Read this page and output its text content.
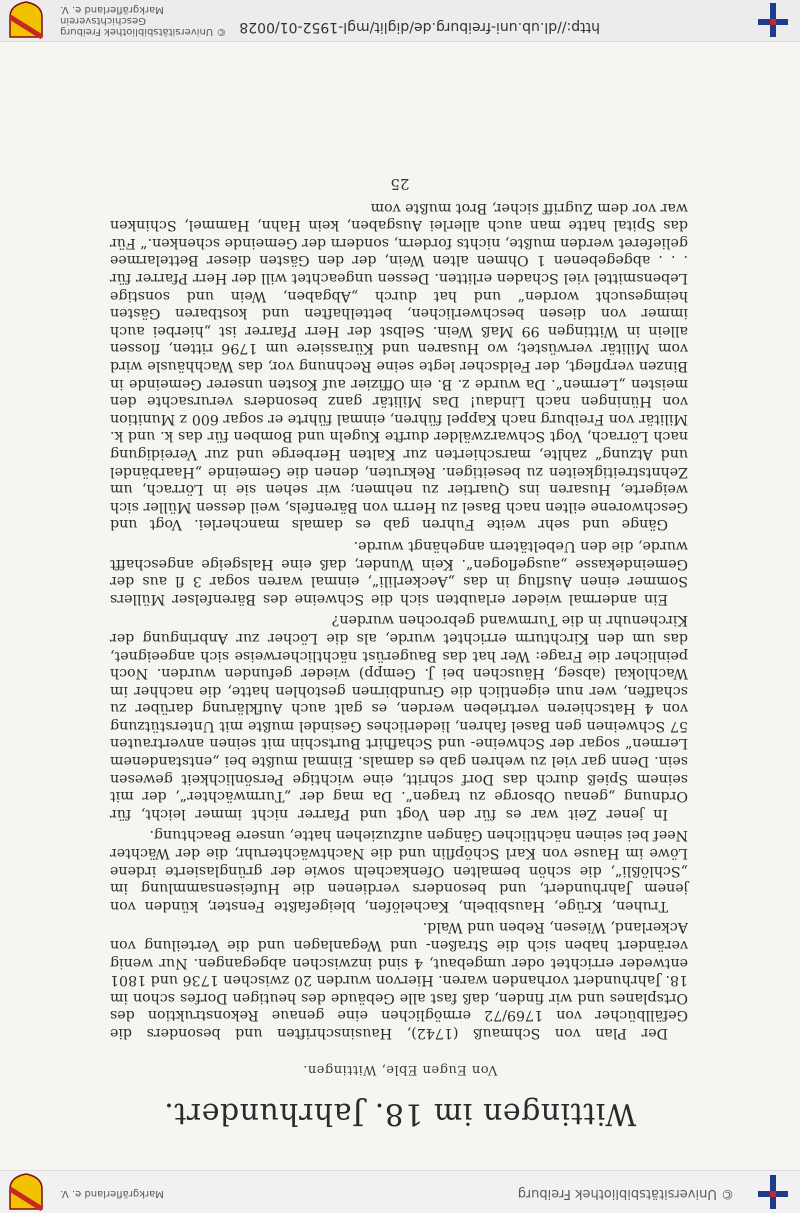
© Universitätsbibliothek Freiburg
Markgräflerland e. V.
Wittingen im 18. Jahrhundert.
Von Eugen Eble, Wittingen.

Der Plan von Schmauß (1742), Hausinschriften und besonders die Gefällbücher von 1769/72 ermöglichen eine genaue Rekonstruktion des Ortsplanes und wir finden, daß fast alle Gebäude des heutigen Dorfes schon im 18. Jahrhundert vorhanden waren. Hiervon wurden 20 zwischen 1736 und 1801 entweder errichtet oder umgebaut, 4 sind inzwischen abgegangen. Nur wenig verändert haben sich die Straßen- und Weganlagen und die Verteilung von Ackerland, Wiesen, Reben und Wald.

Truhen, Krüge, Hausbibeln, Kachelöfen, bleigefaßte Fenster, künden von jenem Jahrhundert, und besonders verdienen die Hufeisensammlung im „Schlößli“, die schön bemalten Ofenkacheln sowie der grünglasierte irdene Löwe im Hause von Karl Schöpflin und die Nachtwächteruhr, die der Wächter Neef bei seinen nächtlichen Gängen aufzuziehen hatte, unsere Beachtung.

In jener Zeit war es für den Vogt und Pfarrer nicht immer leicht, für Ordnung „genau Obsorge zu tragen“. Da mag der „Turmwächter“, der mit seinem Spieß durch das Dorf schritt, eine wichtige Persönlichkeit gewesen sein. Denn gar viel zu wehren gab es damals. Einmal mußte bei „entstandenem Lermen“ sogar der Schweine- und Schafhirt Burtschin mit seinen anvertrauten 57 Schweinen gen Basel fahren, liederliches Gesindel mußte mit Unterstützung von 4 Hatschieren vertrieben werden, es galt auch Aufklärung darüber zu schaffen, wer nun eigentlich die Grundbirnen gestohlen hatte, die nachher im Wachlokal (abseg, Häuschen bei J. Gempp) wieder gefunden wurden. Noch peinlicher die Frage: Wer hat das Baugerüst nächtlicherweise sich angeeignet, das um den Kirchturm errichtet wurde, als die Löcher zur Anbringung der Kirchenuhr in die Turmwand gebrochen wurden?

Ein andermal wieder erlaubten sich die Schweine des Bärenfelser Müllers Sommer einen Ausflug in das „Aeckerlili“, einmal waren sogar 3 fl aus der Gemeindekasse „ausgeflogen“. Kein Wunder, daß eine Halsgeige angeschafft wurde, die den Uebeltätern angehängt wurde.

Gänge und sehr weite Fuhren gab es damals mancherlei. Vogt und Geschworene eilten nach Basel zu Herrn von Bärenfels, weil dessen Müller sich weigerte, Husaren ins Quartier zu nehmen; wir sehen sie in Lörrach, um Zehntstreitigkeiten zu beseitigen. Rekruten, denen die Gemeinde „Haarbändel und Atzung“ zahlte, marschierten zur Kalten Herberge und zur Vereidigung nach Lörrach, Vogt Schwarzwälder durfte Kugeln und Bomben für das k. und k. Militär von Freiburg nach Kappel führen, einmal führte er sogar 600 z Munition von Hüningen nach Lindau! Das Militär ganz besonders verursachte den meisten „Lermen“. Da wurde z. B. ein Offizier auf Kosten unserer Gemeinde in Binzen verpflegt, der Feldscher legte seine Rechnung vor, das Wachhäusle wird vom Militär verwüstet; wo Husaren und Kürassiere um 1796 ritten, flossen allein in Wittingen 99 Maß Wein. Selbst der Herr Pfarrer ist „hierbei auch immer von diesen beschwerlichen, bettelhaften und kostbaren Gästen heimgesucht worden“ und hat durch „Abgaben, Wein und sonstige Lebensmittel viel Schaden erlitten. Dessen ungeachtet will der Herr Pfarrer für . . . abgegebenen 1 Ohmen alten Wein, der den Gästen dieser Bettelarmee gelieferet werden mußte, nichts fordern, sondern der Gemeinde schenken.“ Für das Spital hatte man auch allerlei Ausgaben, kein Hahn, Hammel, Schinken war vor dem Zugriff sicher, Brot mußte vom

25
http://dl.ub.uni-freiburg.de/diglit/mgl-1952-01/0028
© Universitätsbibliothek Freiburg
Geschichtsverein
Markgräflerland e. V.
